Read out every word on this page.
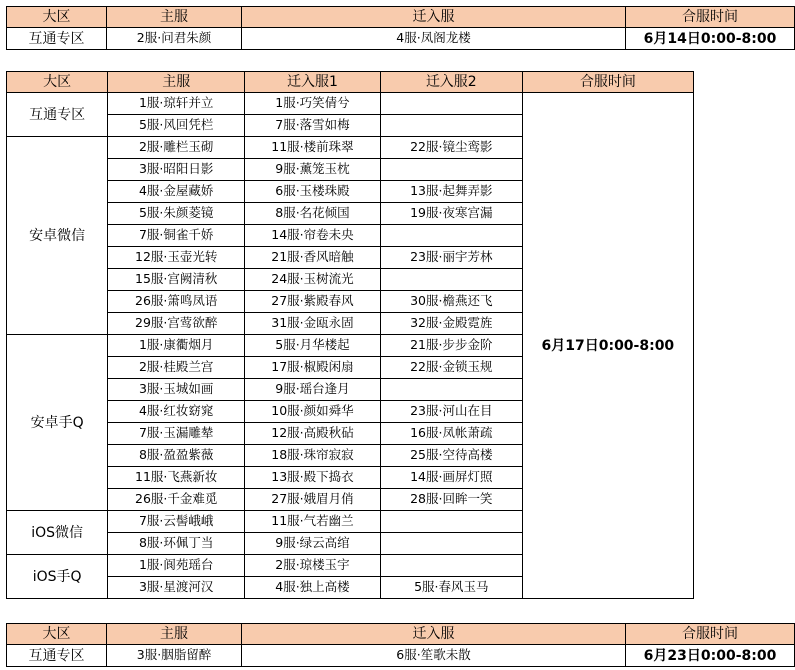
大区	主服	迁入服	合服时间
互通专区	2服·问君朱颜	4服·凤阁龙楼	6月14日0:00-8:00
大区	主服	迁入服1	迁入服2	合服时间
互通专区	1服·琼轩并立	1服·巧笑倩兮		6月17日0:00-8:00
	5服·风回凭栏	7服·落雪如梅		
安卓微信	2服·雕栏玉砌	11服·楼前珠翠	22服·镜尘鸾影	
	3服·昭阳日影	9服·薰笼玉枕		
	4服·金屋藏娇	6服·玉楼珠殿	13服·起舞弄影	
	5服·朱颜菱镜	8服·名花倾国	19服·夜寒宫漏	
	7服·铜雀千娇	14服·帘卷未央		
	12服·玉壶光转	21服·香风暗触	23服·丽宇芳林	
	15服·宫阙清秋	24服·玉树流光		
	26服·箫鸣凤语	27服·紫殿春风	30服·檐燕还飞	
	29服·宫莺欲醉	31服·金瓯永固	32服·金殿霓旌	
安卓手Q	1服·康衢烟月	5服·月华楼起	21服·步步金阶	
	2服·桂殿兰宫	17服·椒殿闲扇	22服·金锁玉规	
	3服·玉城如画	9服·瑶台逢月		
	4服·红妆窈窕	10服·颜如舜华	23服·河山在目	
	7服·玉漏雕辇	12服·高殿秋砧	16服·凤帐萧疏	
	8服·盈盈紫薇	18服·珠帘寂寂	25服·空待高楼	
	11服·飞燕新妆	13服·殿下捣衣	14服·画屏灯照	
	26服·千金难觅	27服·娥眉月俏	28服·回眸一笑	
iOS微信	7服·云髻峨峨	11服·气若幽兰		
	8服·环佩丁当	9服·绿云高绾		
iOS手Q	1服·阆苑瑶台	2服·琼楼玉宇		
	3服·星渡河汉	4服·独上高楼	5服·春风玉马	
大区	主服	迁入服	合服时间
互通专区	3服·胭脂留醉	6服·笙歌未散	6月23日0:00-8:00
